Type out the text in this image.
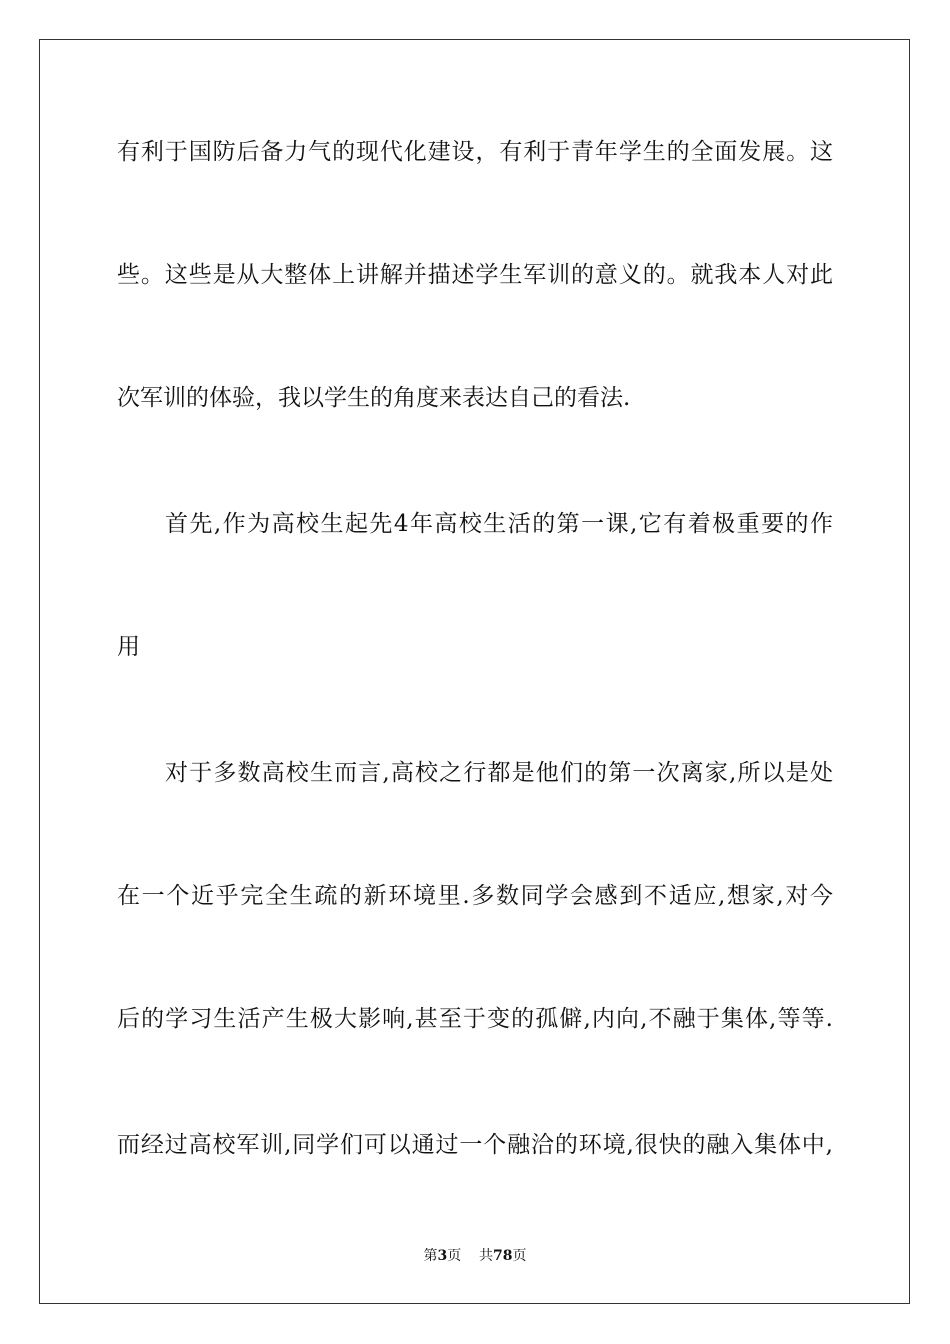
有利于国防后备力气的现代化建设，有利于青年学生的全面发展。这
些。这些是从大整体上讲解并描述学生军训的意义的。就我本人对此
次军训的体验，我以学生的角度来表达自己的看法.
首先,作为高校生起先4年高校生活的第一课,它有着极重要的作
用
对于多数高校生而言,高校之行都是他们的第一次离家,所以是处
在一个近乎完全生疏的新环境里.多数同学会感到不适应,想家,对今
后的学习生活产生极大影响,甚至于变的孤僻,内向,不融于集体,等等.
而经过高校军训,同学们可以通过一个融洽的环境,很快的融入集体中,
第3页 共78页
